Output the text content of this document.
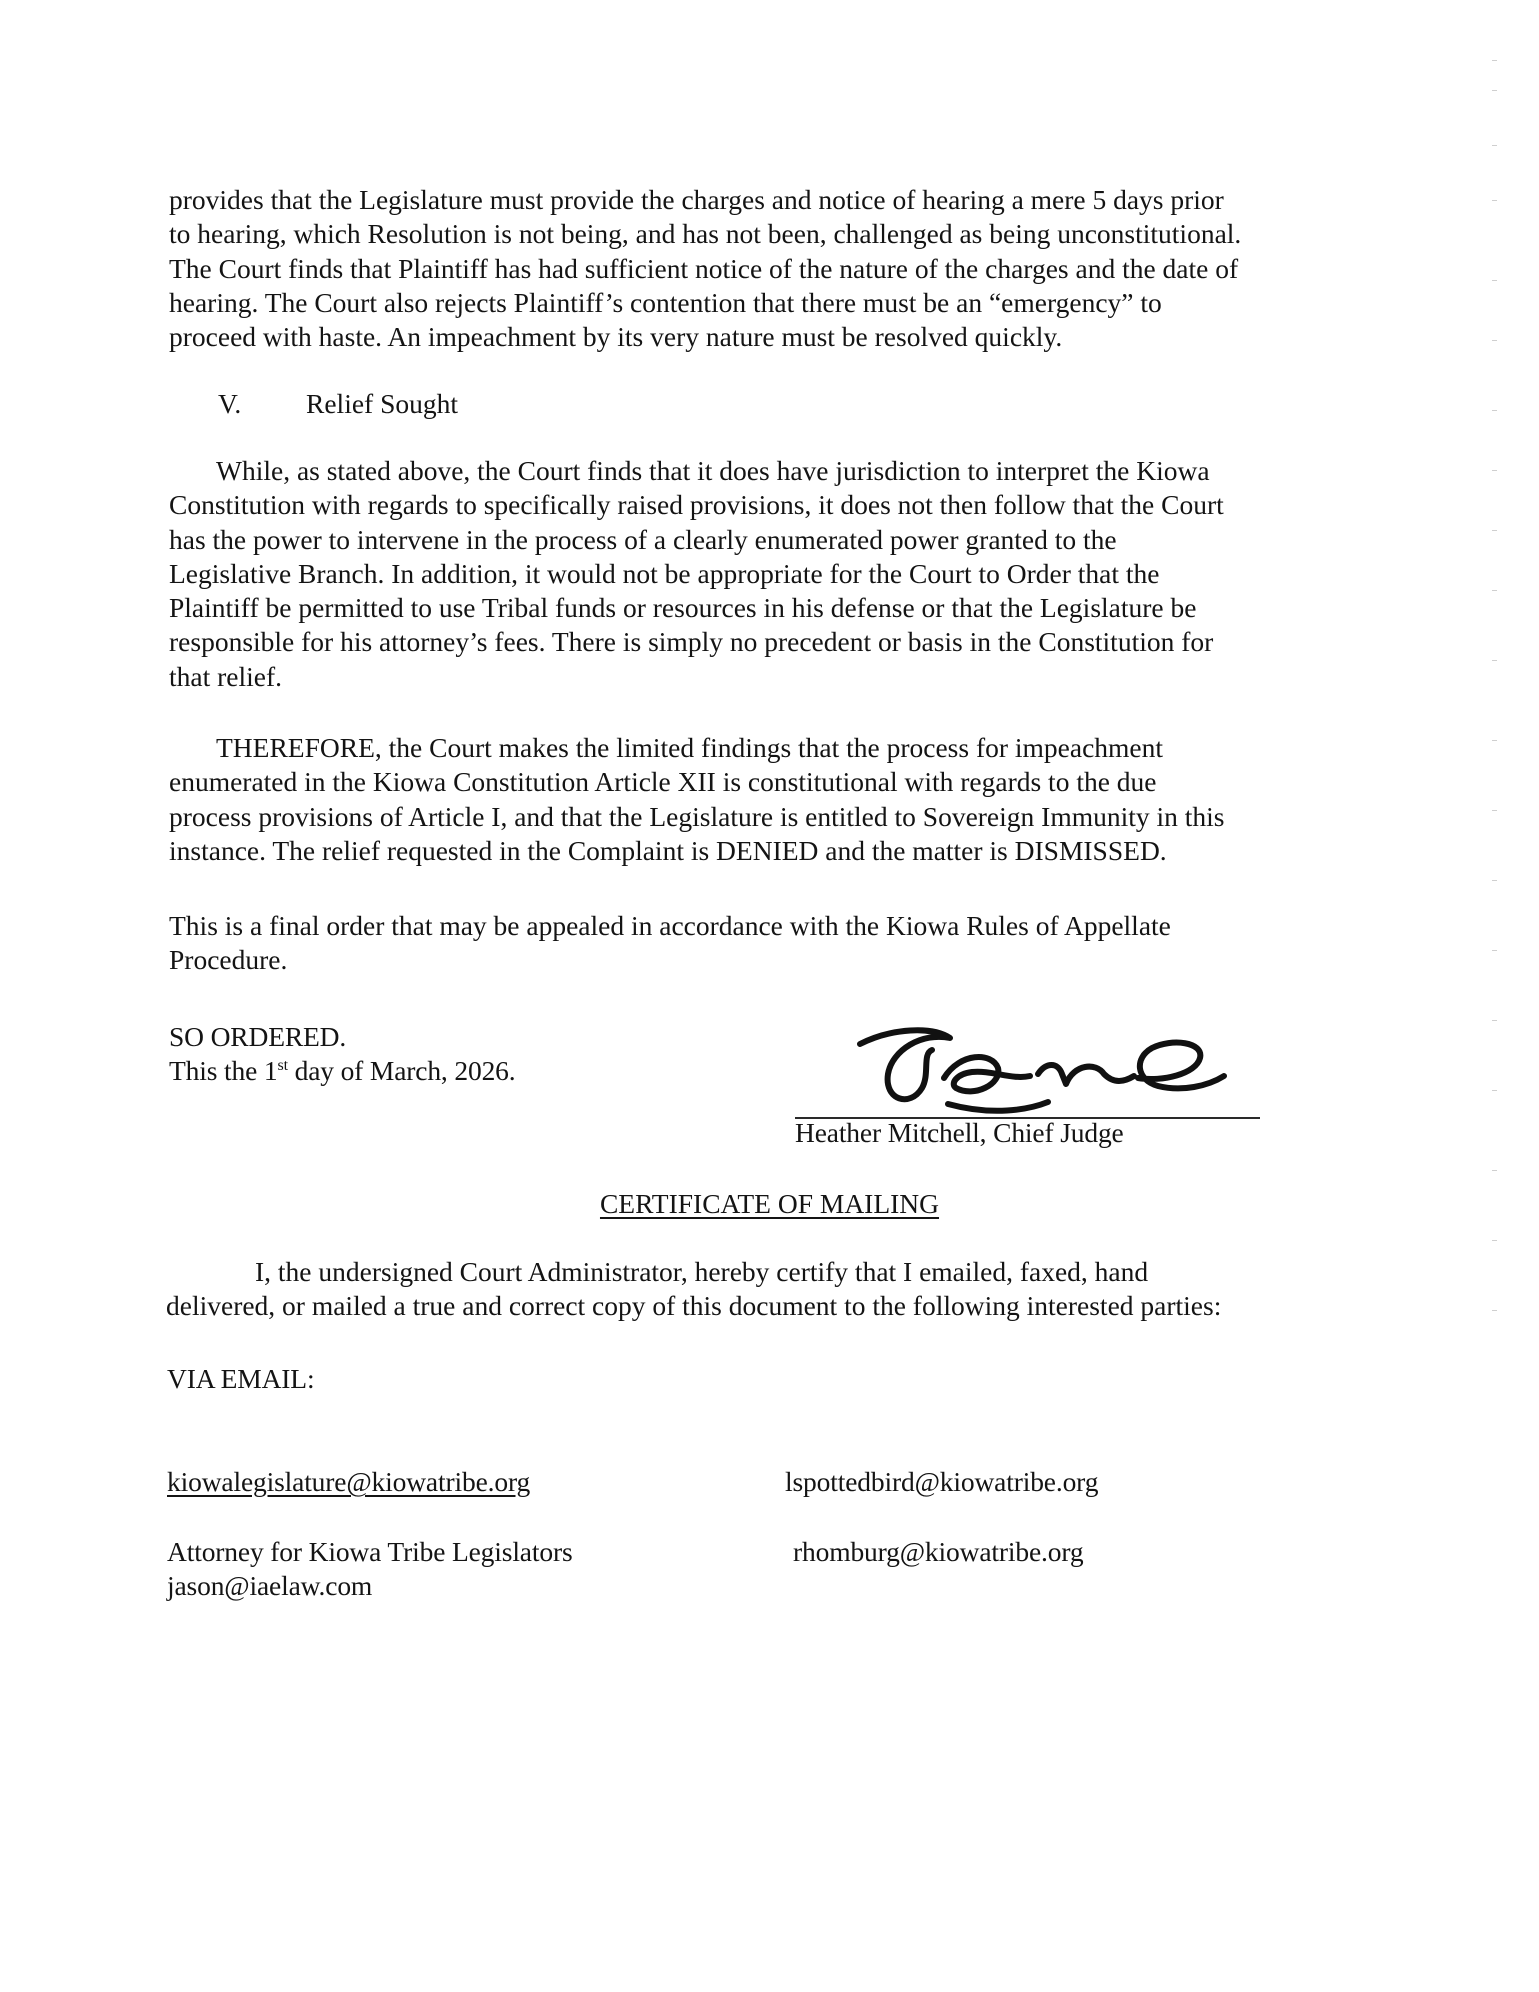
provides that the Legislature must provide the charges and notice of hearing a mere 5 days prior

to hearing, which Resolution is not being, and has not been, challenged as being unconstitutional.

The Court finds that Plaintiff has had sufficient notice of the nature of the charges and the date of

hearing. The Court also rejects Plaintiff’s contention that there must be an “emergency” to

proceed with haste. An impeachment by its very nature must be resolved quickly.

V. Relief Sought

While, as stated above, the Court finds that it does have jurisdiction to interpret the Kiowa

Constitution with regards to specifically raised provisions, it does not then follow that the Court

has the power to intervene in the process of a clearly enumerated power granted to the

Legislative Branch. In addition, it would not be appropriate for the Court to Order that the

Plaintiff be permitted to use Tribal funds or resources in his defense or that the Legislature be

responsible for his attorney’s fees. There is simply no precedent or basis in the Constitution for

that relief.

THEREFORE, the Court makes the limited findings that the process for impeachment

enumerated in the Kiowa Constitution Article XII is constitutional with regards to the due

process provisions of Article I, and that the Legislature is entitled to Sovereign Immunity in this

instance. The relief requested in the Complaint is DENIED and the matter is DISMISSED.

This is a final order that may be appealed in accordance with the Kiowa Rules of Appellate

Procedure.

SO ORDERED.
This the 1st day of March, 2026.
Heather Mitchell, Chief Judge
CERTIFICATE OF MAILING

I, the undersigned Court Administrator, hereby certify that I emailed, faxed, hand

delivered, or mailed a true and correct copy of this document to the following interested parties:

VIA EMAIL:
kiowalegislature@kiowatribe.org
Attorney for Kiowa Tribe Legislators
jason@iaelaw.com
lspottedbird@kiowatribe.org
rhomburg@kiowatribe.org
